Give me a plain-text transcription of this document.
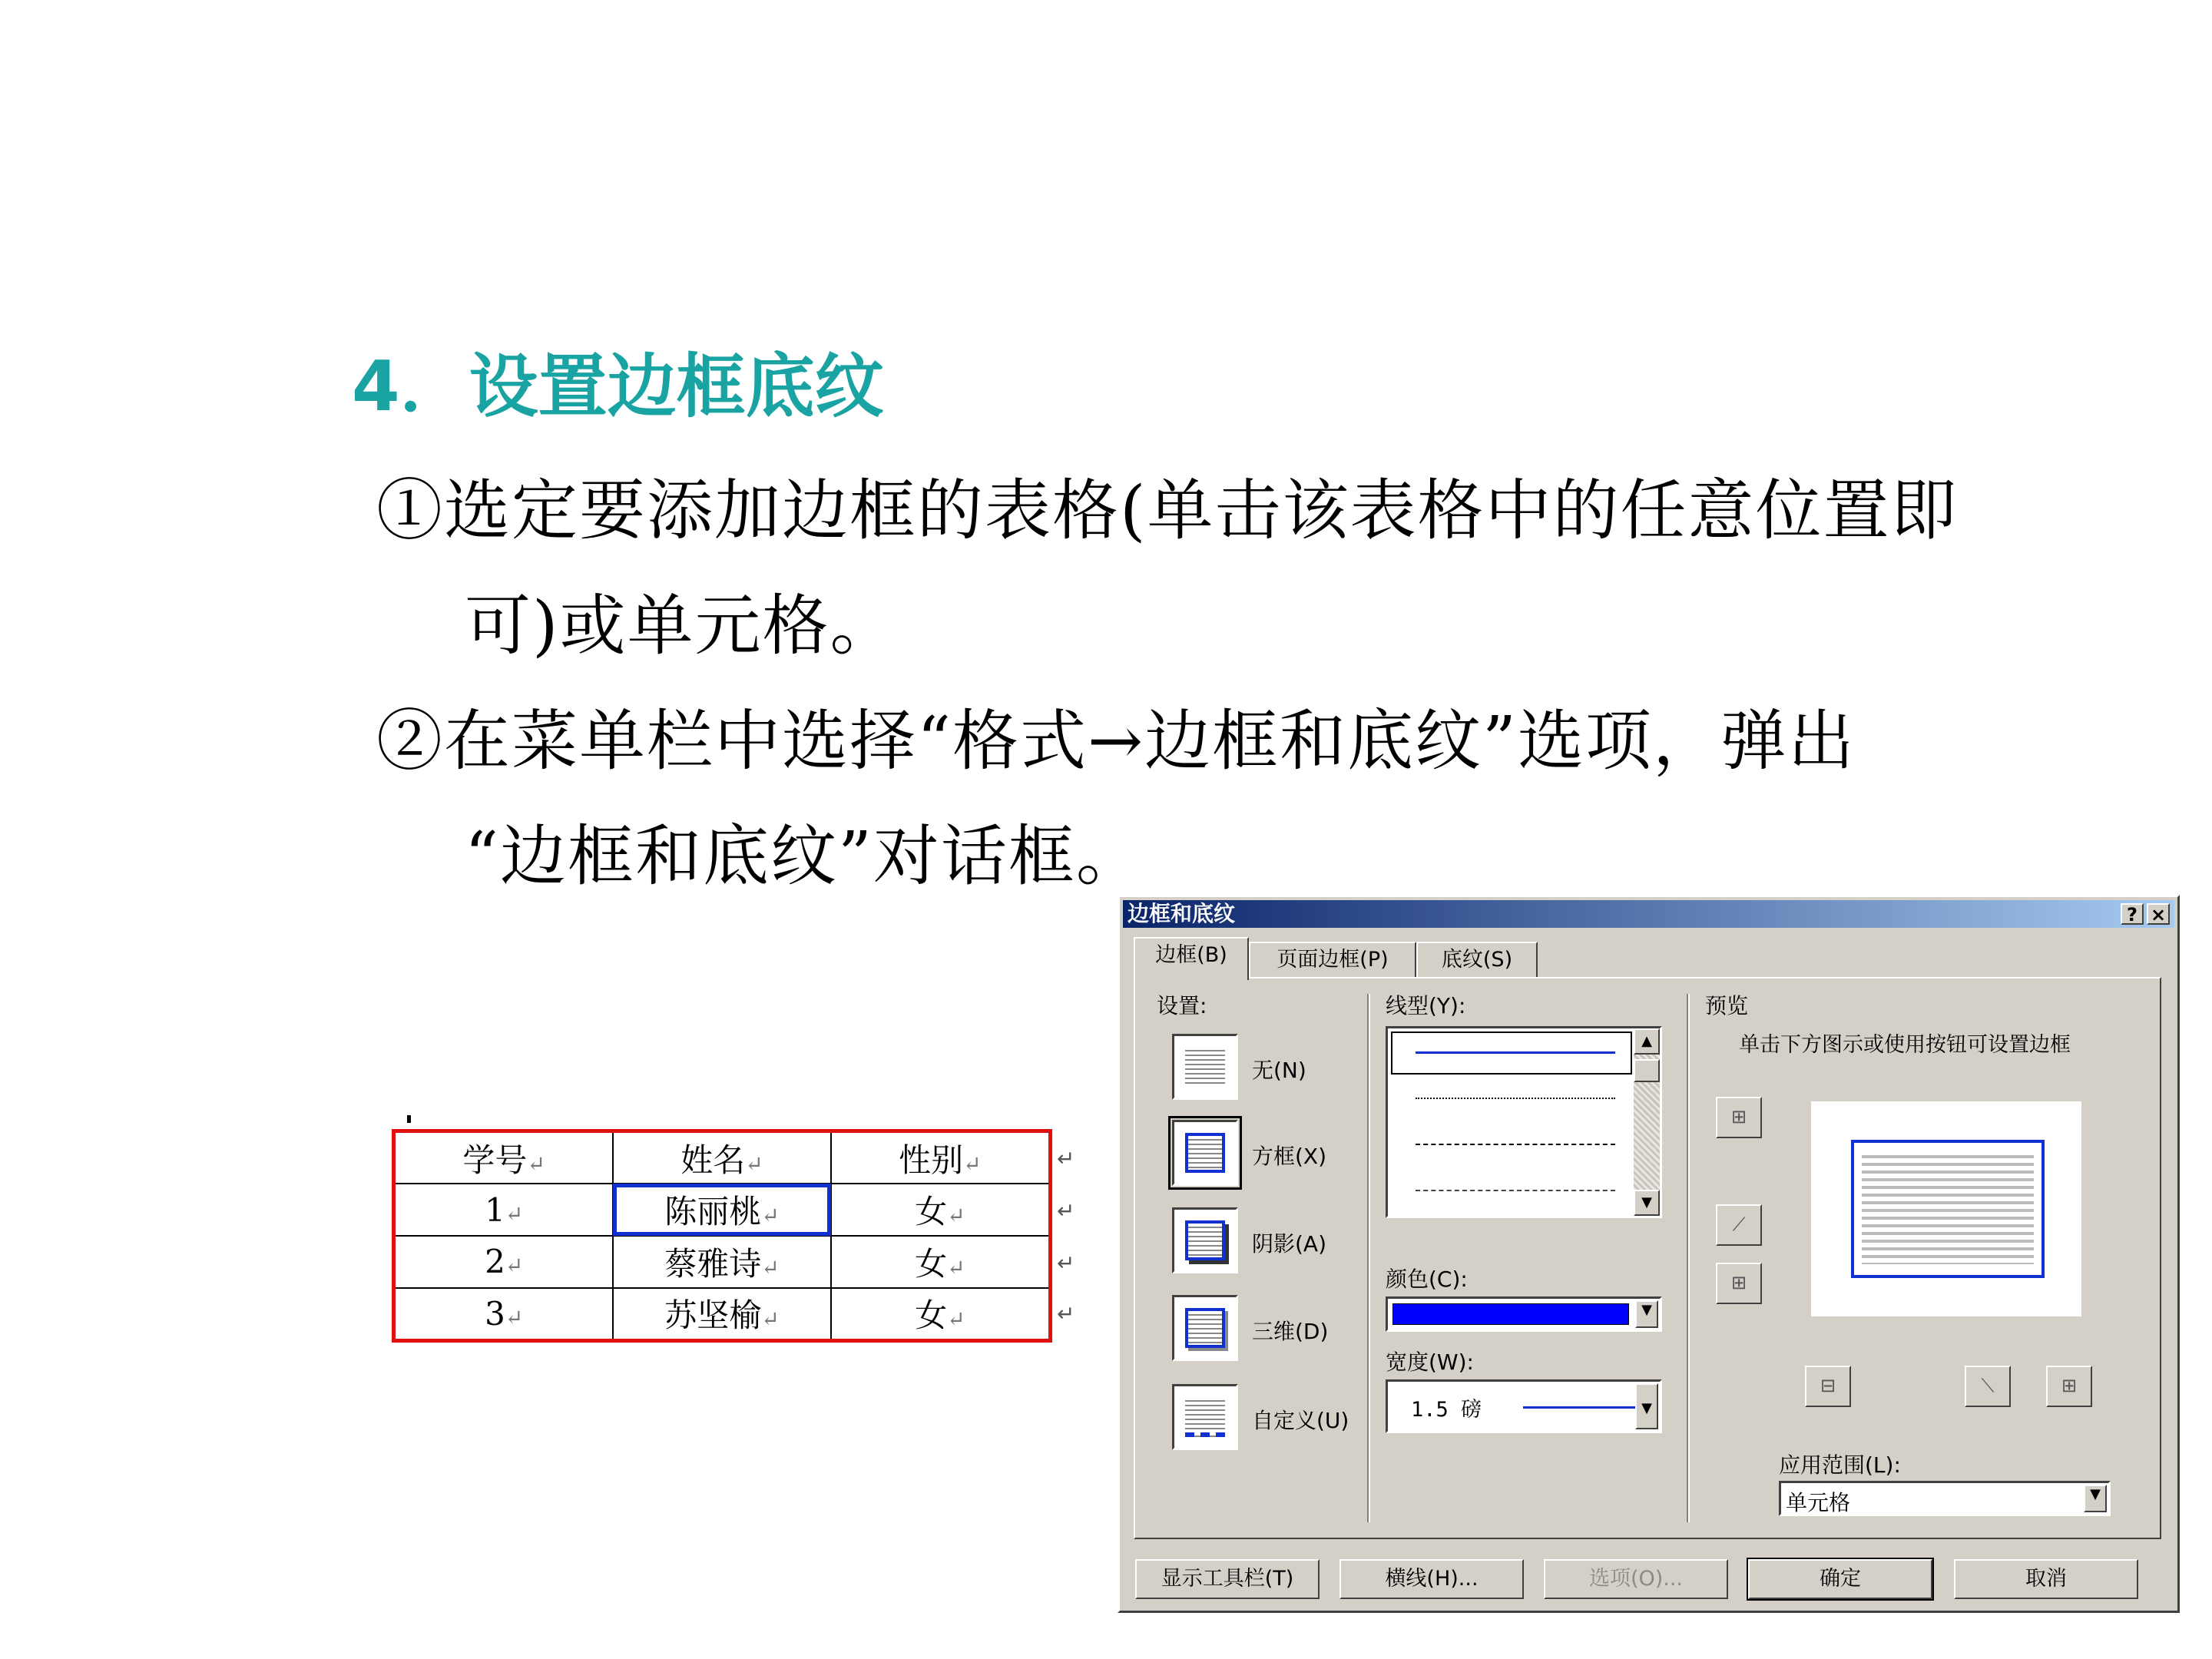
4．设置边框底纹
①选定要添加边框的表格(单击该表格中的任意位置即
可)或单元格。
②在菜单栏中选择“格式→边框和底纹”选项，弹出
“边框和底纹”对话框。
学号↵	姓名↵	性别↵
1↵	陈丽桃↵	女↵
2↵	蔡雅诗↵	女↵
3↵	苏坚榆↵	女↵
↵
↵
↵
↵
边框和底纹	? ×
边框(B)	页面边框(P)	底纹(S)
设置:
无(N)
方框(X)
阴影(A)
三维(D)
自定义(U)
线型(Y):
▲
▼
颜色(C):
▼
宽度(W):
1.5 磅	▼
预览
单击下方图示或使用按钮可设置边框
⊞
⟋
⊞
⊟	⟍	⊞
应用范围(L):
单元格	▼
显示工具栏(T)	横线(H)...	选项(O)...	确定	取消
